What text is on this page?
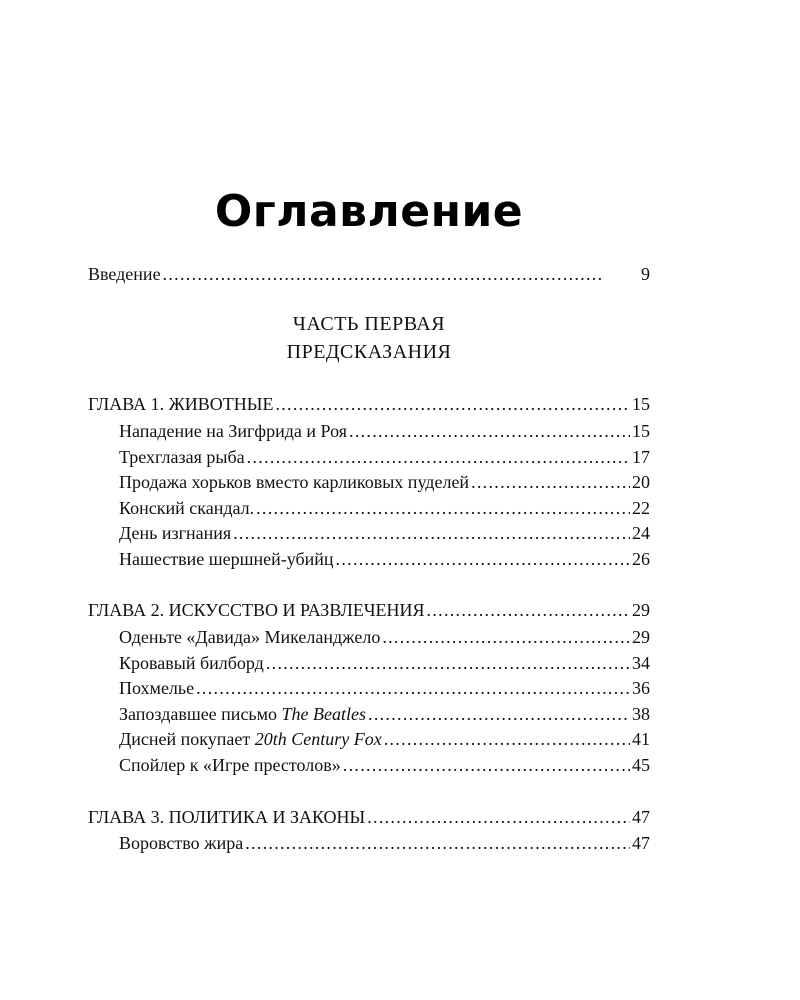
Оглавление
Введение . . .	9
ЧАСТЬ ПЕРВАЯ
ПРЕДСКАЗАНИЯ
ГЛАВА 1. ЖИВОТНЫЕ . . .	15
Нападение на Зигфрида и Роя . . .	15
Трехглазая рыба . . .	17
Продажа хорьков вместо карликовых пуделей . . .	20
Конский скандал. . . .	22
День изгнания . . .	24
Нашествие шершней-убийц . . .	26
ГЛАВА 2. ИСКУССТВО И РАЗВЛЕЧЕНИЯ . . .	29
Оденьте «Давида» Микеланджело . . .	29
Кровавый билборд . . .	34
Похмелье . . .	36
Запоздавшее письмо The Beatles . . .	38
Дисней покупает 20th Century Fox . . .	41
Спойлер к «Игре престолов» . . .	45
ГЛАВА 3. ПОЛИТИКА И ЗАКОНЫ . . .	47
Воровство жира . . .	47
